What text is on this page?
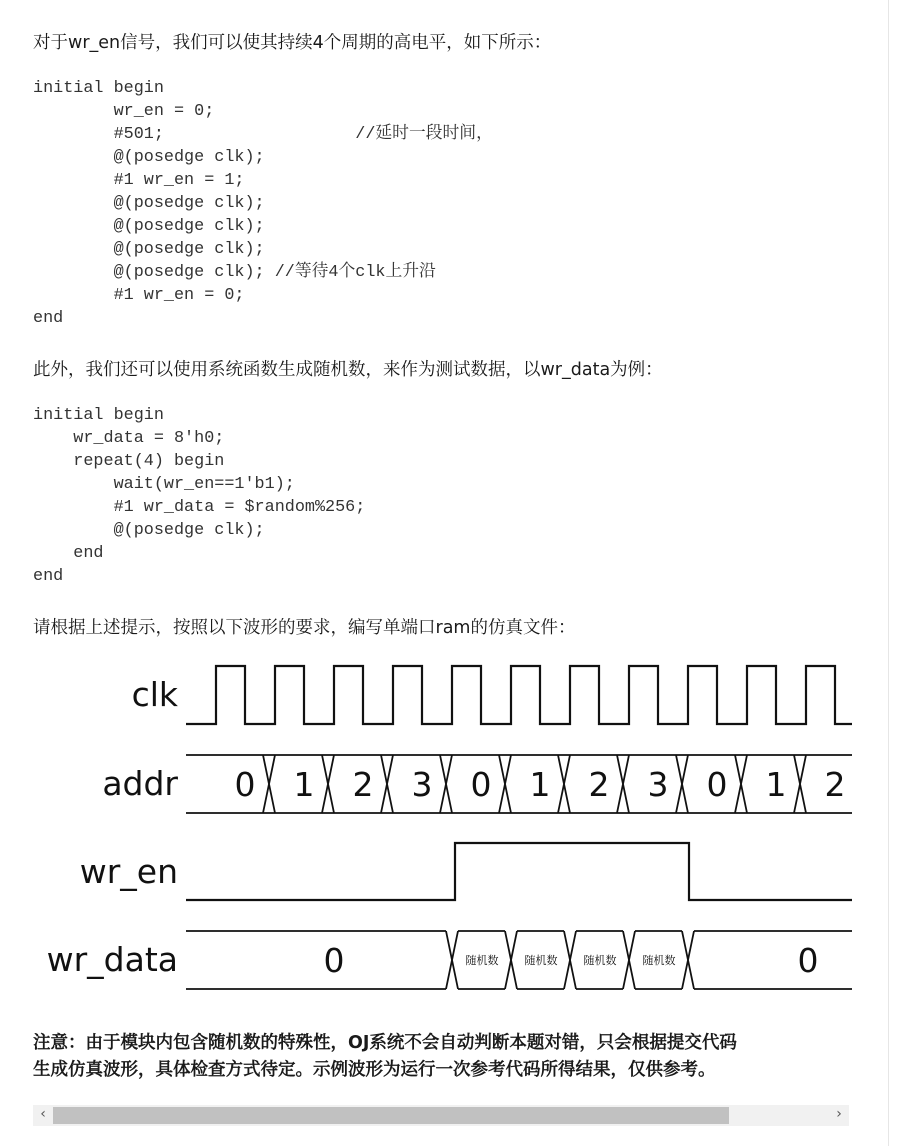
对于wr_en信号，我们可以使其持续4个周期的高电平，如下所示：
initial begin
wr_en = 0;
#501;                   //延时一段时间，
@(posedge clk);
#1 wr_en = 1;
@(posedge clk);
@(posedge clk);
@(posedge clk);
@(posedge clk); //等待4个clk上升沿
#1 wr_en = 0;
end
此外，我们还可以使用系统函数生成随机数，来作为测试数据，以wr_data为例：
initial begin
wr_data = 8'h0;
repeat(4) begin
wait(wr_en==1'b1);
#1 wr_data = $random%256;
@(posedge clk);
end
end
请根据上述提示，按照以下波形的要求，编写单端口ram的仿真文件：
clk
addr
wr_en
wr_data
0 1 2 3 0 1 2 3 0 1 2
0	随机数 随机数 随机数 随机数	0
注意：由于模块内包含随机数的特殊性，OJ系统不会自动判断本题对错，只会根据提交代码
生成仿真波形，具体检查方式待定。示例波形为运行一次参考代码所得结果，仅供参考。
‹	›
